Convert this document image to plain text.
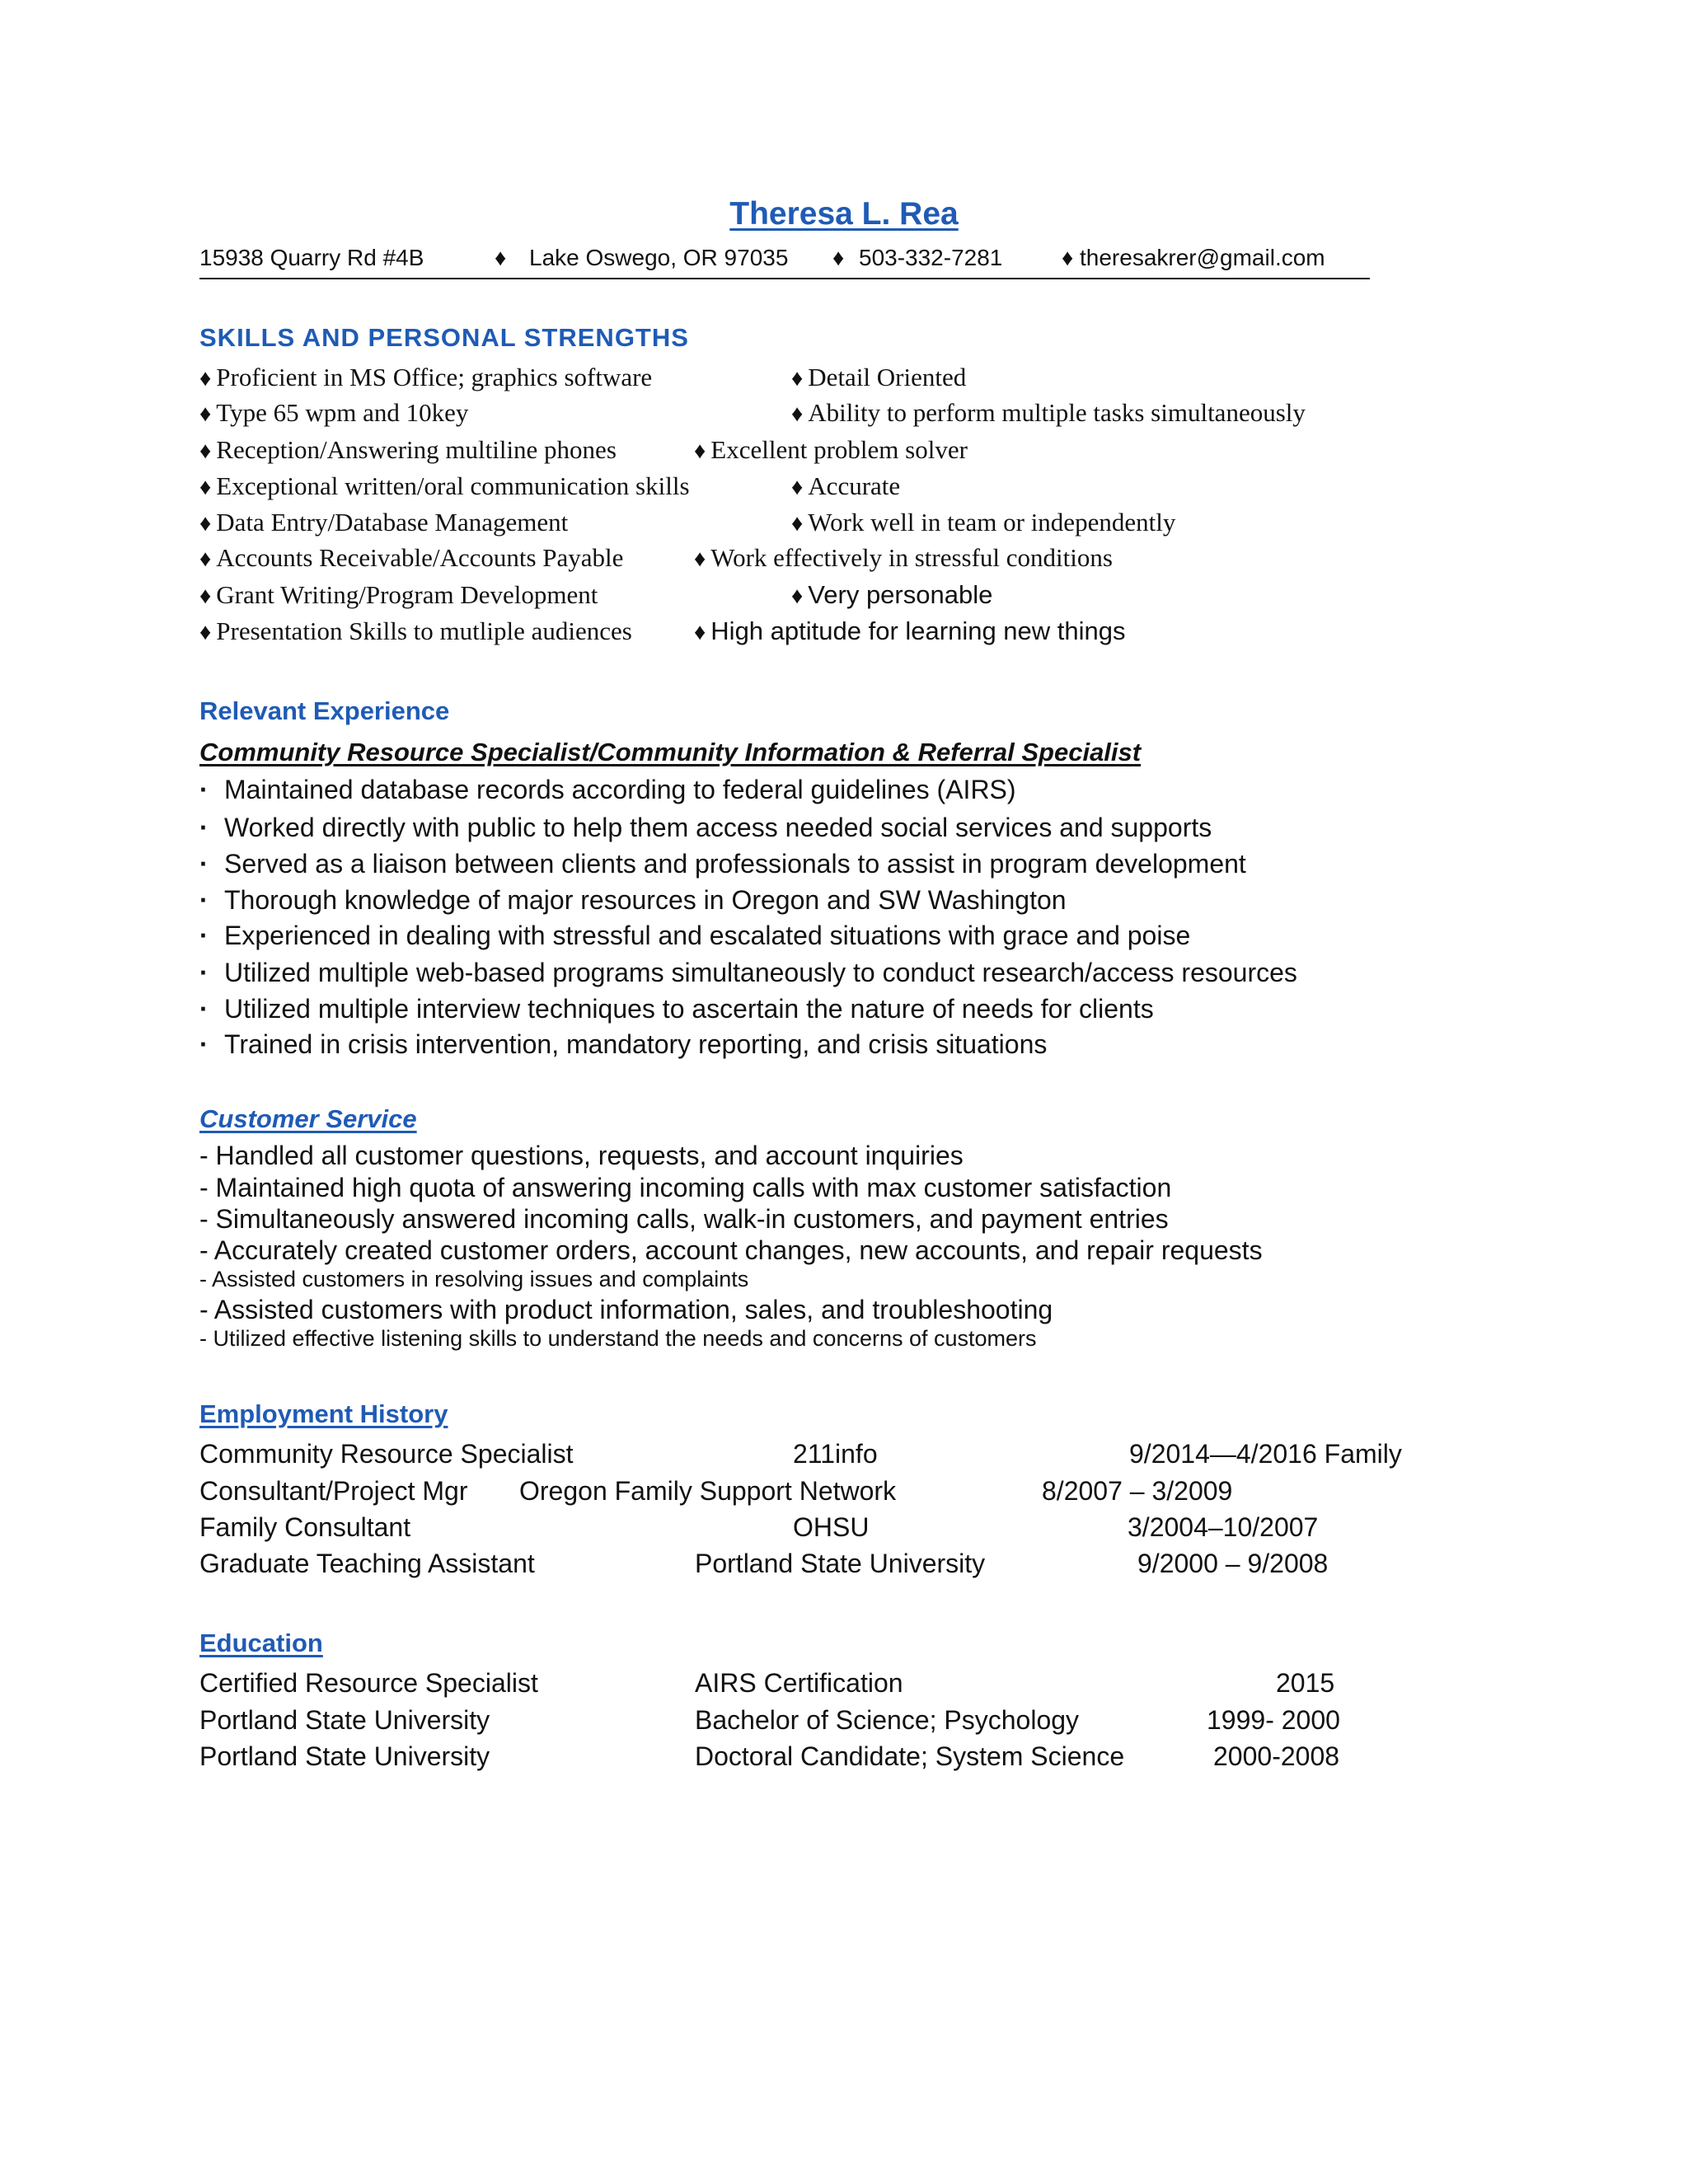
Theresa L. Rea
15938 Quarry Rd #4B	♦ Lake Oswego, OR 97035 ♦ 503-332-7281	♦ theresakrer@gmail.com
SKILLS AND PERSONAL STRENGTHS
♦ Proficient in MS Office; graphics software	♦ Detail Oriented
♦ Type 65 wpm and 10key	♦ Ability to perform multiple tasks simultaneously
♦ Reception/Answering multiline phones	♦ Excellent problem solver
♦ Exceptional written/oral communication skills	♦ Accurate
♦ Data Entry/Database Management	♦ Work well in team or independently
♦ Accounts Receivable/Accounts Payable	♦ Work effectively in stressful conditions
♦ Grant Writing/Program Development	♦ Very personable
♦ Presentation Skills to mutliple audiences	♦ High aptitude for learning new things
Relevant Experience
Community Resource Specialist/Community Information & Referral Specialist
· Maintained database records according to federal guidelines (AIRS)
· Worked directly with public to help them access needed social services and supports
· Served as a liaison between clients and professionals to assist in program development
· Thorough knowledge of major resources in Oregon and SW Washington
· Experienced in dealing with stressful and escalated situations with grace and poise
· Utilized multiple web-based programs simultaneously to conduct research/access resources
· Utilized multiple interview techniques to ascertain the nature of needs for clients
· Trained in crisis intervention, mandatory reporting, and crisis situations
Customer Service
- Handled all customer questions, requests, and account inquiries
- Maintained high quota of answering incoming calls with max customer satisfaction
- Simultaneously answered incoming calls, walk-in customers, and payment entries
- Accurately created customer orders, account changes, new accounts, and repair requests
- Assisted customers in resolving issues and complaints
- Assisted customers with product information, sales, and troubleshooting
- Utilized effective listening skills to understand the needs and concerns of customers
Employment History
Community Resource Specialist	211info	9/2014—4/2016 Family
Consultant/Project Mgr Oregon Family Support Network	8/2007 – 3/2009
Family Consultant	OHSU	3/2004–10/2007
Graduate Teaching Assistant	Portland State University	9/2000 – 9/2008
Education
Certified Resource Specialist	AIRS Certification	2015
Portland State University	Bachelor of Science; Psychology	1999- 2000
Portland State University	Doctoral Candidate; System Science	2000-2008
